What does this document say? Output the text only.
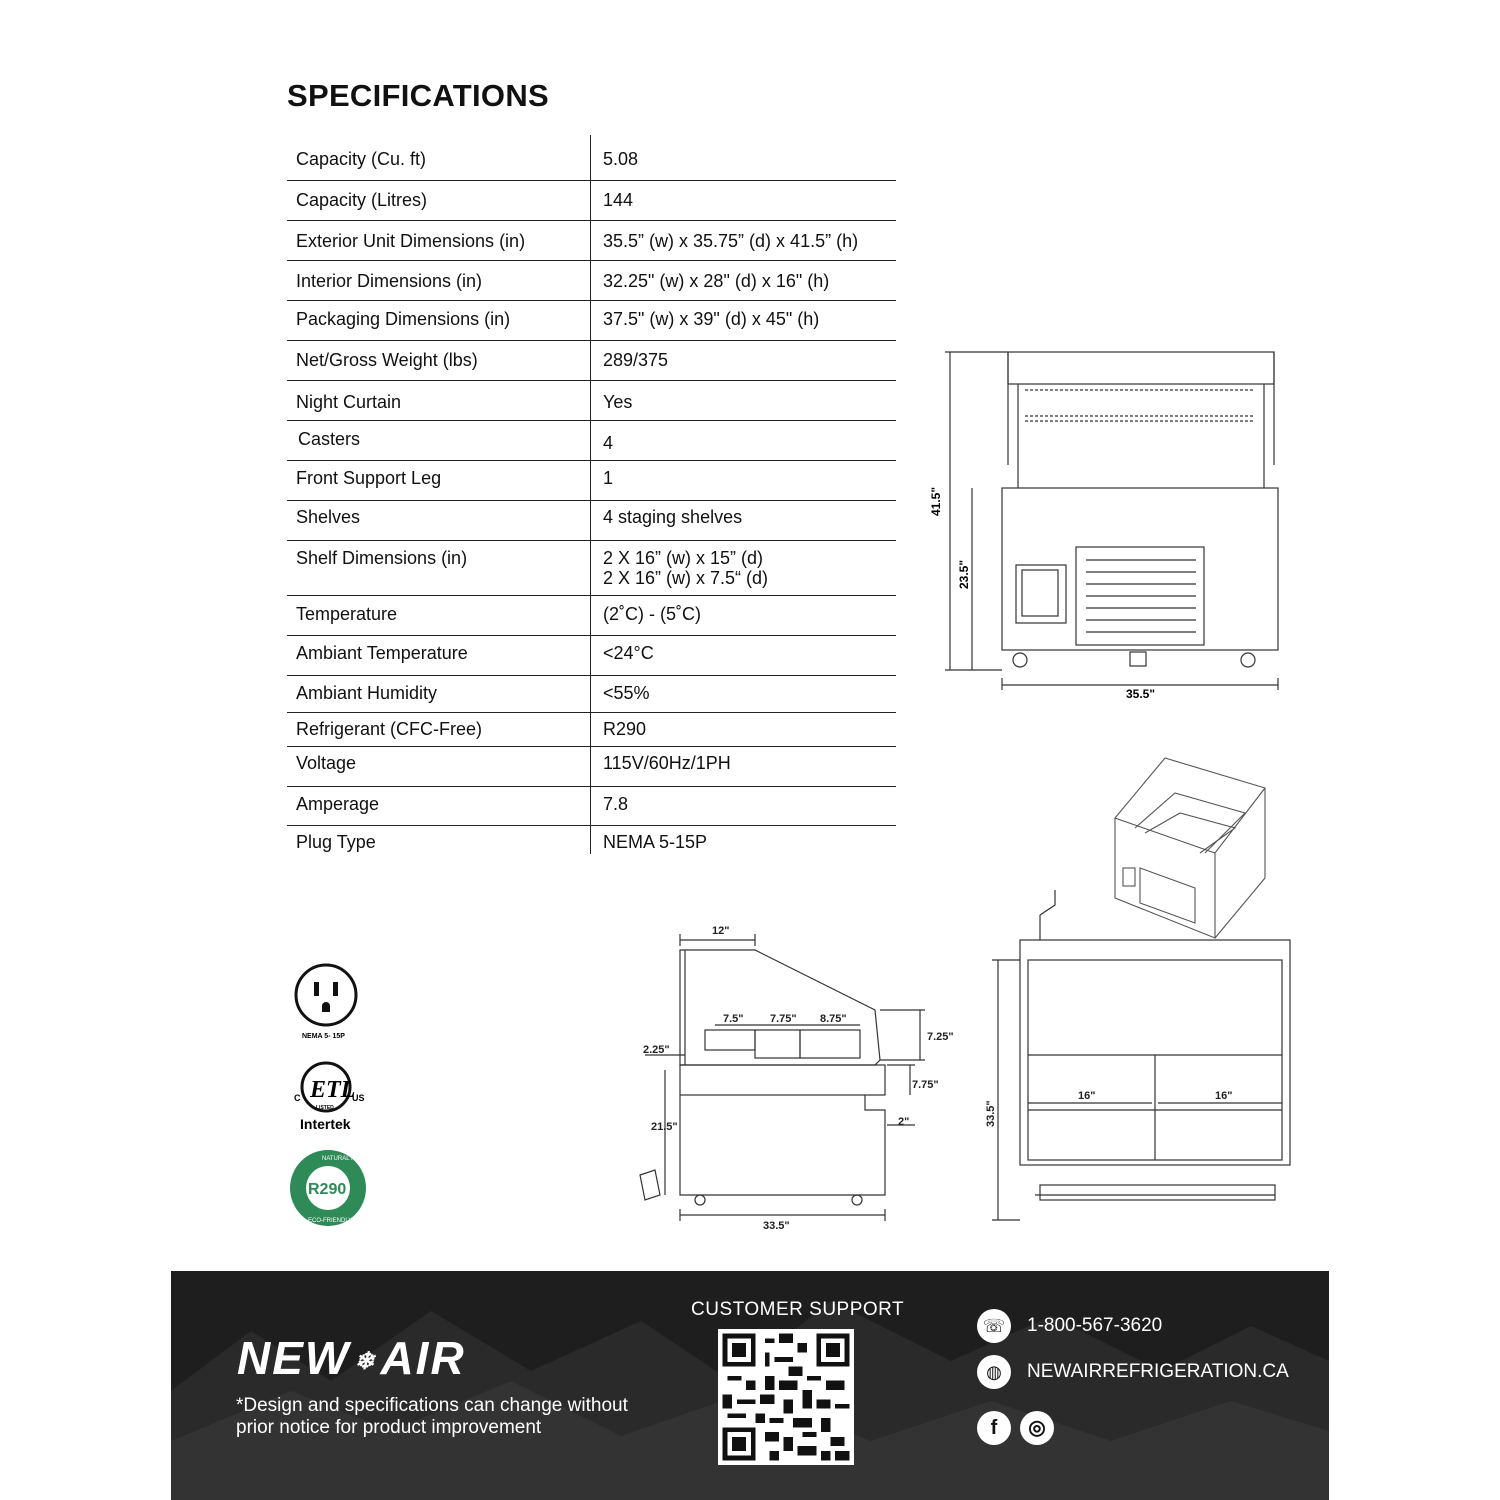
SPECIFICATIONS
Capacity (Cu. ft)	5.08
Capacity (Litres)	144
Exterior Unit Dimensions (in)	35.5” (w) x 35.75” (d) x 41.5” (h)
Interior Dimensions (in)	32.25" (w) x 28" (d) x 16" (h)
Packaging Dimensions (in)	37.5" (w) x 39" (d) x 45" (h)
Net/Gross Weight (lbs)	289/375
Night Curtain	Yes
Casters	4
Front Support Leg	1
Shelves	4 staging shelves
Shelf Dimensions (in)	2 X 16” (w) x 15” (d)
2 X 16” (w) x 7.5“ (d)
Temperature	(2˚C) - (5˚C)
Ambiant Temperature	<24°C
Ambiant Humidity	<55%
Refrigerant (CFC-Free)	R290
Voltage	115V/60Hz/1PH
Amperage	7.8
Plug Type	NEMA 5-15P
41.5"
23.5"
35.5"
12"
7.5" 7.75" 8.75"
7.25"
7.75"
2.25"
21.5"	2"
33.5"
33.5"
16"	16"
NEMA 5- 15P

ETL
C	US
LISTED
Intertek

R290
NATURAL REFRIGERANT
ECO-FRIENDLY
NEW ❄AIR
*Design and specifications can change without prior notice for product improvement
CUSTOMER SUPPORT
☏	1-800-567-3620
◍	NEWAIRREFRIGERATION.CA
f	◎
